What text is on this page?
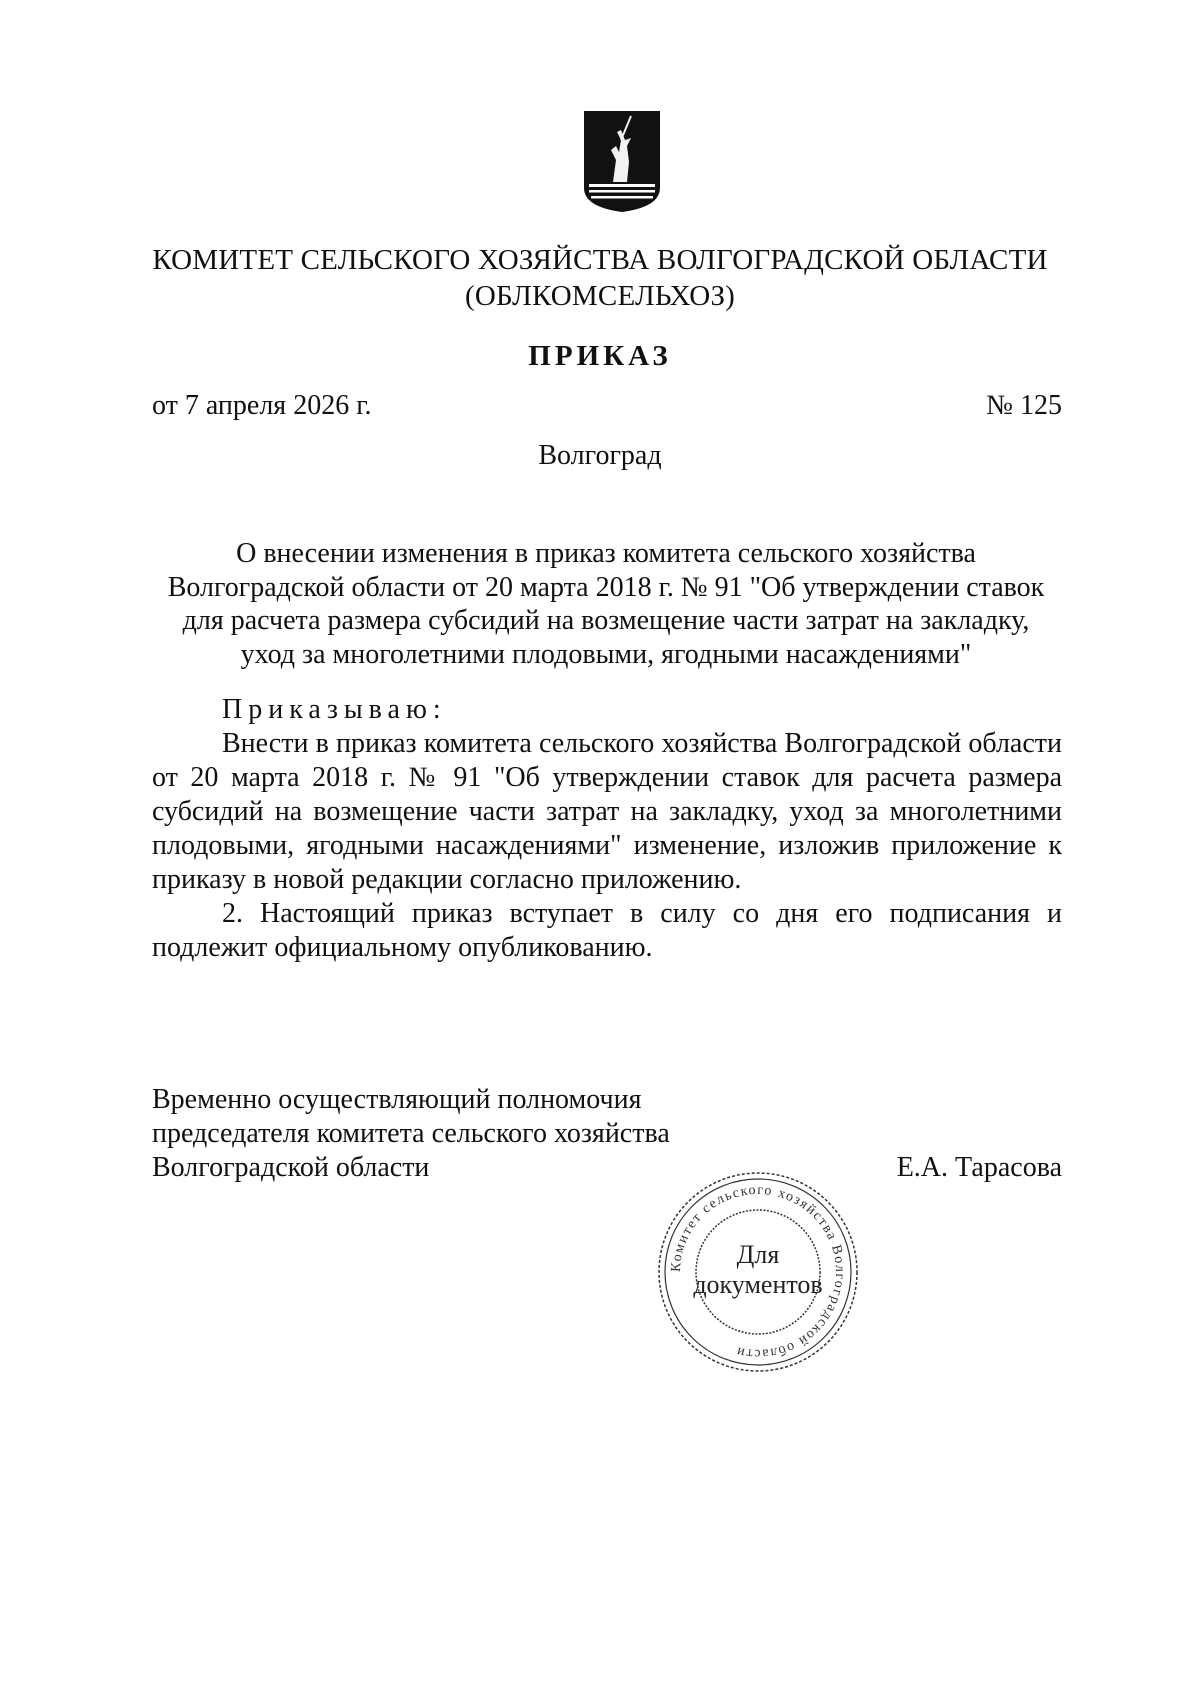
КОМИТЕТ СЕЛЬСКОГО ХОЗЯЙСТВА ВОЛГОГРАДСКОЙ ОБЛАСТИ
(ОБЛКОМСЕЛЬХОЗ)
ПРИКАЗ
от 7 апреля 2026 г.	№ 125
Волгоград
О внесении изменения в приказ комитета сельского хозяйства
Волгоградской области от 20 марта 2018 г. № 91 "Об утверждении ставок
для расчета размера субсидий на возмещение части затрат на закладку,
уход за многолетними плодовыми, ягодными насаждениями"

Приказываю:

Внести в приказ комитета сельского хозяйства Волгоградской области от 20 марта 2018 г. № 91 "Об утверждении ставок для расчета размера субсидий на возмещение части затрат на закладку, уход за многолетними плодовыми, ягодными насаждениями" изменение, изложив приложение к приказу в новой редакции согласно приложению.

2. Настоящий приказ вступает в силу со дня его подписания и подлежит официальному опубликованию.

Временно осуществляющий полномочия
председателя комитета сельского хозяйства
Волгоградской области	Е.А. Тарасова
Комитет сельского хозяйства Волгоградской области
Для
документов
